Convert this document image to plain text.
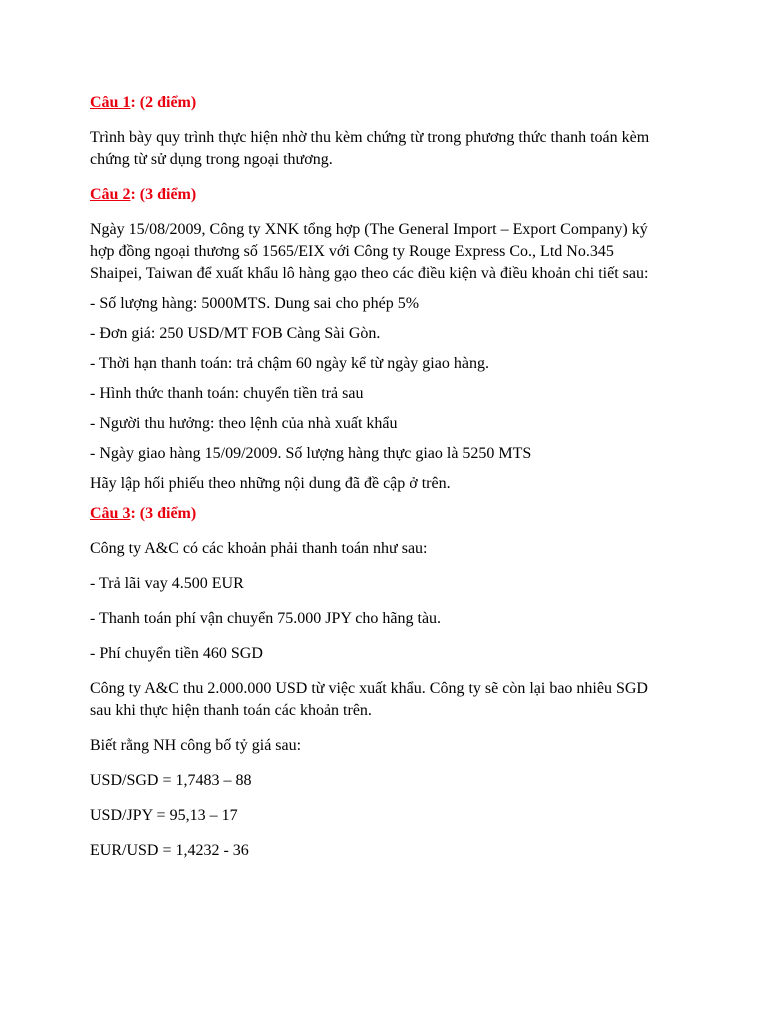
Câu 1: (2 điểm)
Trình bày quy trình thực hiện nhờ thu kèm chứng từ trong phương thức thanh toán kèm
chứng từ sử dụng trong ngoại thương.
Câu 2: (3 điểm)
Ngày 15/08/2009, Công ty XNK tổng hợp (The General Import – Export Company) ký
hợp đồng ngoại thương số 1565/EIX với Công ty Rouge Express Co., Ltd No.345
Shaipei, Taiwan để xuất khẩu lô hàng gạo theo các điều kiện và điều khoản chi tiết sau:
- Số lượng hàng: 5000MTS. Dung sai cho phép 5%
- Đơn giá: 250 USD/MT FOB Càng Sài Gòn.
- Thời hạn thanh toán: trả chậm 60 ngày kể từ ngày giao hàng.
- Hình thức thanh toán: chuyển tiền trả sau
- Người thu hưởng: theo lệnh của nhà xuất khẩu
- Ngày giao hàng 15/09/2009. Số lượng hàng thực giao là 5250 MTS
Hãy lập hối phiếu theo những nội dung đã đề cập ở trên.
Câu 3: (3 điểm)
Công ty A&C có các khoản phải thanh toán như sau:
- Trả lãi vay 4.500 EUR
- Thanh toán phí vận chuyển 75.000 JPY cho hãng tàu.
- Phí chuyển tiền 460 SGD
Công ty A&C thu 2.000.000 USD từ việc xuất khẩu. Công ty sẽ còn lại bao nhiêu SGD
sau khi thực hiện thanh toán các khoản trên.
Biết rằng NH công bố tỷ giá sau:
USD/SGD = 1,7483 – 88
USD/JPY = 95,13 – 17
EUR/USD = 1,4232 - 36
